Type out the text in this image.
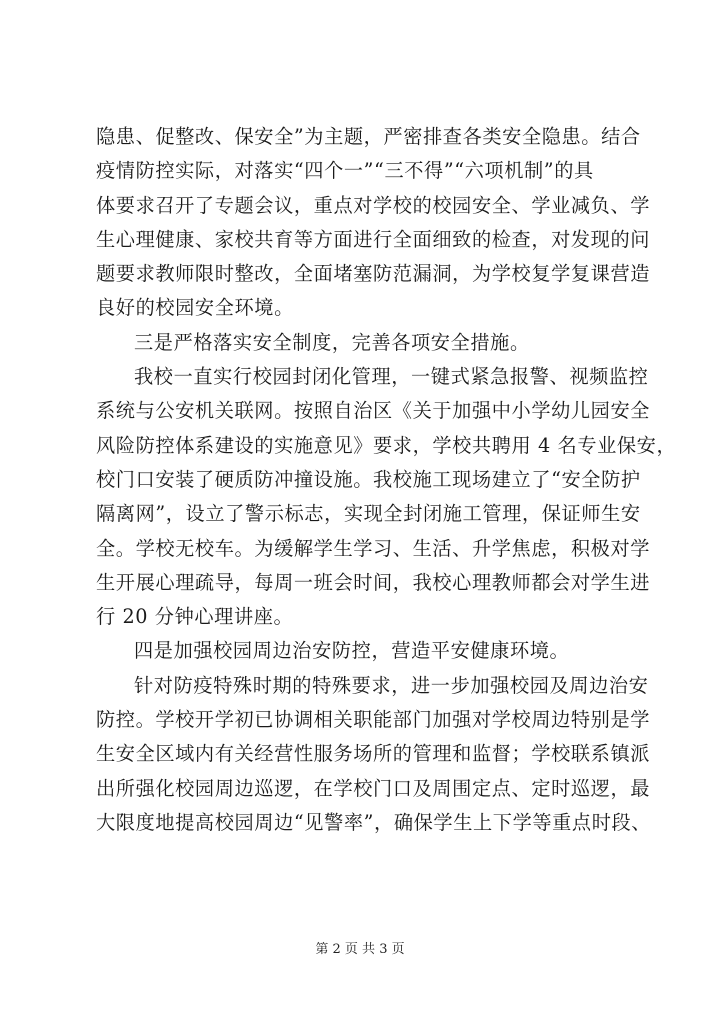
隐患、促整改、保安全”为主题，严密排查各类安全隐患。结合
疫情防控实际，对落实“四个一”“三不得”“六项机制”的具
体要求召开了专题会议，重点对学校的校园安全、学业减负、学
生心理健康、家校共育等方面进行全面细致的检查，对发现的问
题要求教师限时整改，全面堵塞防范漏洞，为学校复学复课营造
良好的校园安全环境。
三是严格落实安全制度，完善各项安全措施。
我校一直实行校园封闭化管理，一键式紧急报警、视频监控
系统与公安机关联网。按照自治区《关于加强中小学幼儿园安全
风险防控体系建设的实施意见》要求，学校共聘用 4 名专业保安，
校门口安装了硬质防冲撞设施。我校施工现场建立了“安全防护
隔离网”，设立了警示标志，实现全封闭施工管理，保证师生安
全。学校无校车。为缓解学生学习、生活、升学焦虑，积极对学
生开展心理疏导，每周一班会时间，我校心理教师都会对学生进
行 20 分钟心理讲座。
四是加强校园周边治安防控，营造平安健康环境。
针对防疫特殊时期的特殊要求，进一步加强校园及周边治安
防控。学校开学初已协调相关职能部门加强对学校周边特别是学
生安全区域内有关经营性服务场所的管理和监督；学校联系镇派
出所强化校园周边巡逻，在学校门口及周围定点、定时巡逻，最
大限度地提高校园周边“见警率”，确保学生上下学等重点时段、
第 2 页 共 3 页
